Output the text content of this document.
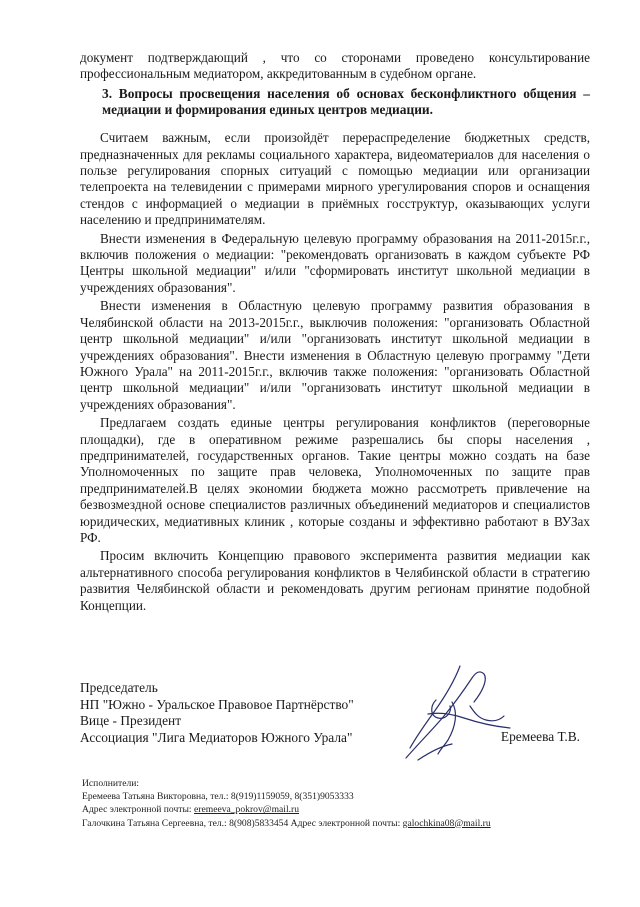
документ подтверждающий , что со сторонами проведено консультирование профессиональным медиатором, аккредитованным в судебном органе.

3. Вопросы просвещения населения об основах бесконфликтного общения – медиации и формирования единых центров медиации.

Считаем важным, если произойдёт перераспределение бюджетных средств, предназначенных для рекламы социального характера, видеоматериалов для населения о пользе регулирования спорных ситуаций с помощью медиации или организации телепроекта на телевидении с примерами мирного урегулирования споров и оснащения стендов с информацией о медиации в приёмных госструктур, оказывающих услуги населению и предпринимателям.

Внести изменения в Федеральную целевую программу образования на 2011-2015г.г., включив положения о медиации: "рекомендовать организовать в каждом субъекте РФ Центры школьной медиации" и/или "сформировать институт школьной медиации в учреждениях образования".

Внести изменения в Областную целевую программу развития образования в Челябинской области на 2013-2015г.г., выключив положения: "организовать Областной центр школьной медиации" и/или "организовать институт школьной медиации в учреждениях образования". Внести изменения в Областную целевую программу "Дети Южного Урала" на 2011-2015г.г., включив также положения: "организовать Областной центр школьной медиации" и/или "организовать институт школьной медиации в учреждениях образования".

Предлагаем создать единые центры регулирования конфликтов (переговорные площадки), где в оперативном режиме разрешались бы споры населения , предпринимателей, государственных органов. Такие центры можно создать на базе Уполномоченных по защите прав человека, Уполномоченных по защите прав предпринимателей.В целях экономии бюджета можно рассмотреть привлечение на безвозмездной основе специалистов различных объединений медиаторов и специалистов юридических, медиативных клиник , которые созданы и эффективно работают в ВУЗах РФ.

Просим включить Концепцию правового эксперимента развития медиации как альтернативного способа регулирования конфликтов в Челябинской области в стратегию развития Челябинской области и рекомендовать другим регионам принятие подобной Концепции.

Председатель
НП "Южно - Уральское Правовое Партнёрство"
Вице - Президент
Ассоциация "Лига Медиаторов Южного Урала"	Еремеева Т.В.
Исполнители:
Еремеева Татьяна Викторовна, тел.: 8(919)1159059, 8(351)9053333
Адрес электронной почты: eremeeva_pokrov@mail.ru
Галочкина Татьяна Сергеевна, тел.: 8(908)5833454 Адрес электронной почты: galochkina08@mail.ru
